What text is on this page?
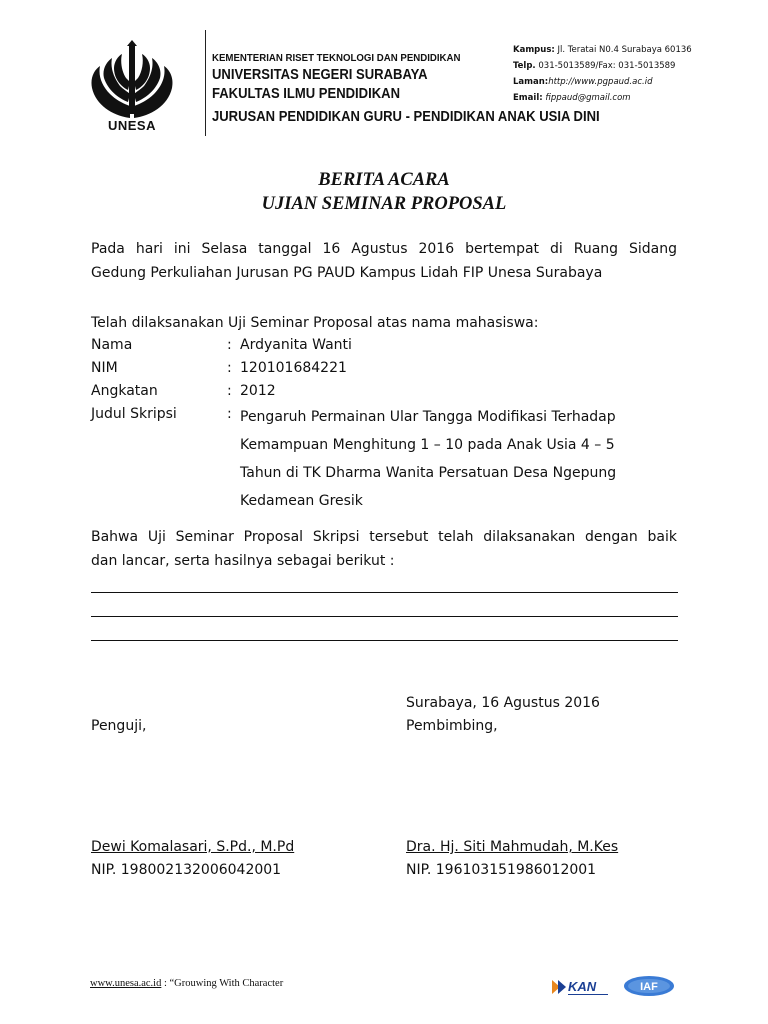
UNESA
KEMENTERIAN RISET TEKNOLOGI DAN PENDIDIKAN
UNIVERSITAS NEGERI SURABAYA
FAKULTAS ILMU PENDIDIKAN
JURUSAN PENDIDIKAN GURU - PENDIDIKAN ANAK USIA DINI
Kampus: Jl. Teratai N0.4 Surabaya 60136
Telp. 031-5013589/Fax: 031-5013589
Laman:http://www.pgpaud.ac.id
Email: fippaud@gmail.com
BERITA ACARA
UJIAN SEMINAR PROPOSAL
Pada hari ini Selasa tanggal 16 Agustus 2016 bertempat di Ruang Sidang
Gedung Perkuliahan Jurusan PG PAUD Kampus Lidah FIP Unesa Surabaya
Telah dilaksanakan Uji Seminar Proposal atas nama mahasiswa:
Nama	: Ardyanita Wanti
NIM	: 120101684221
Angkatan	: 2012
Judul Skripsi	: Pengaruh Permainan Ular Tangga Modifikasi Terhadap
Kemampuan Menghitung 1 – 10 pada Anak Usia 4 – 5
Tahun di TK Dharma Wanita Persatuan Desa Ngepung
Kedamean Gresik
Bahwa Uji Seminar Proposal Skripsi tersebut telah dilaksanakan dengan baik
dan lancar, serta hasilnya sebagai berikut :
Surabaya, 16 Agustus 2016
Penguji,	Pembimbing,
Dewi Komalasari, S.Pd., M.Pd
NIP. 198002132006042001
Dra. Hj. Siti Mahmudah, M.Kes
NIP. 196103151986012001
www.unesa.ac.id : “Grouwing With Character	KAN	IAF
